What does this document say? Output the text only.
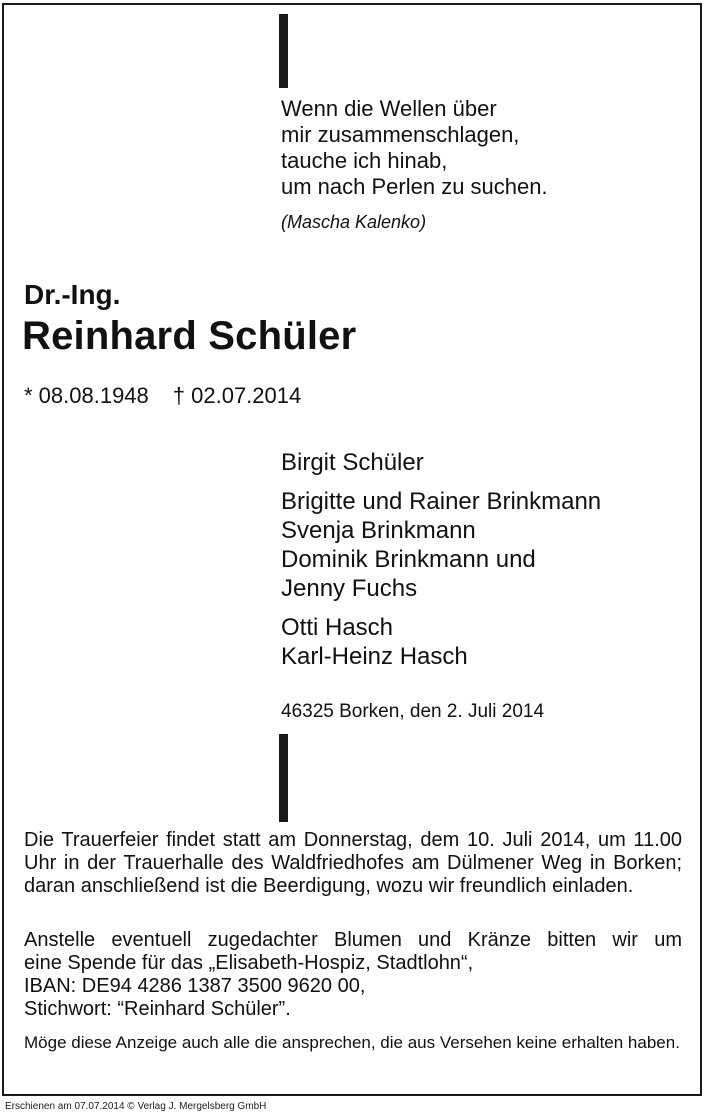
Wenn die Wellen über
mir zusammenschlagen,
tauche ich hinab,
um nach Perlen zu suchen.
(Mascha Kalenko)
Dr.-Ing.
Reinhard Schüler
* 08.08.1948 † 02.07.2014
Birgit Schüler
Brigitte und Rainer Brinkmann
Svenja Brinkmann
Dominik Brinkmann und
Jenny Fuchs
Otti Hasch
Karl-Heinz Hasch
46325 Borken, den 2. Juli 2014
Die Trauerfeier findet statt am Donnerstag, dem 10. Juli 2014, um 11.00 Uhr in der Trauerhalle des Waldfriedhofes am Dülmener Weg in Borken; daran anschließend ist die Beerdigung, wozu wir freundlich einladen.
Anstelle eventuell zugedachter Blumen und Kränze bitten wir um
eine Spende für das „Elisabeth-Hospiz, Stadtlohn“,
IBAN: DE94 4286 1387 3500 9620 00,
Stichwort: “Reinhard Schüler”.
Möge diese Anzeige auch alle die ansprechen, die aus Versehen keine erhalten haben.
Erschienen am 07.07.2014 © Verlag J. Mergelsberg GmbH
